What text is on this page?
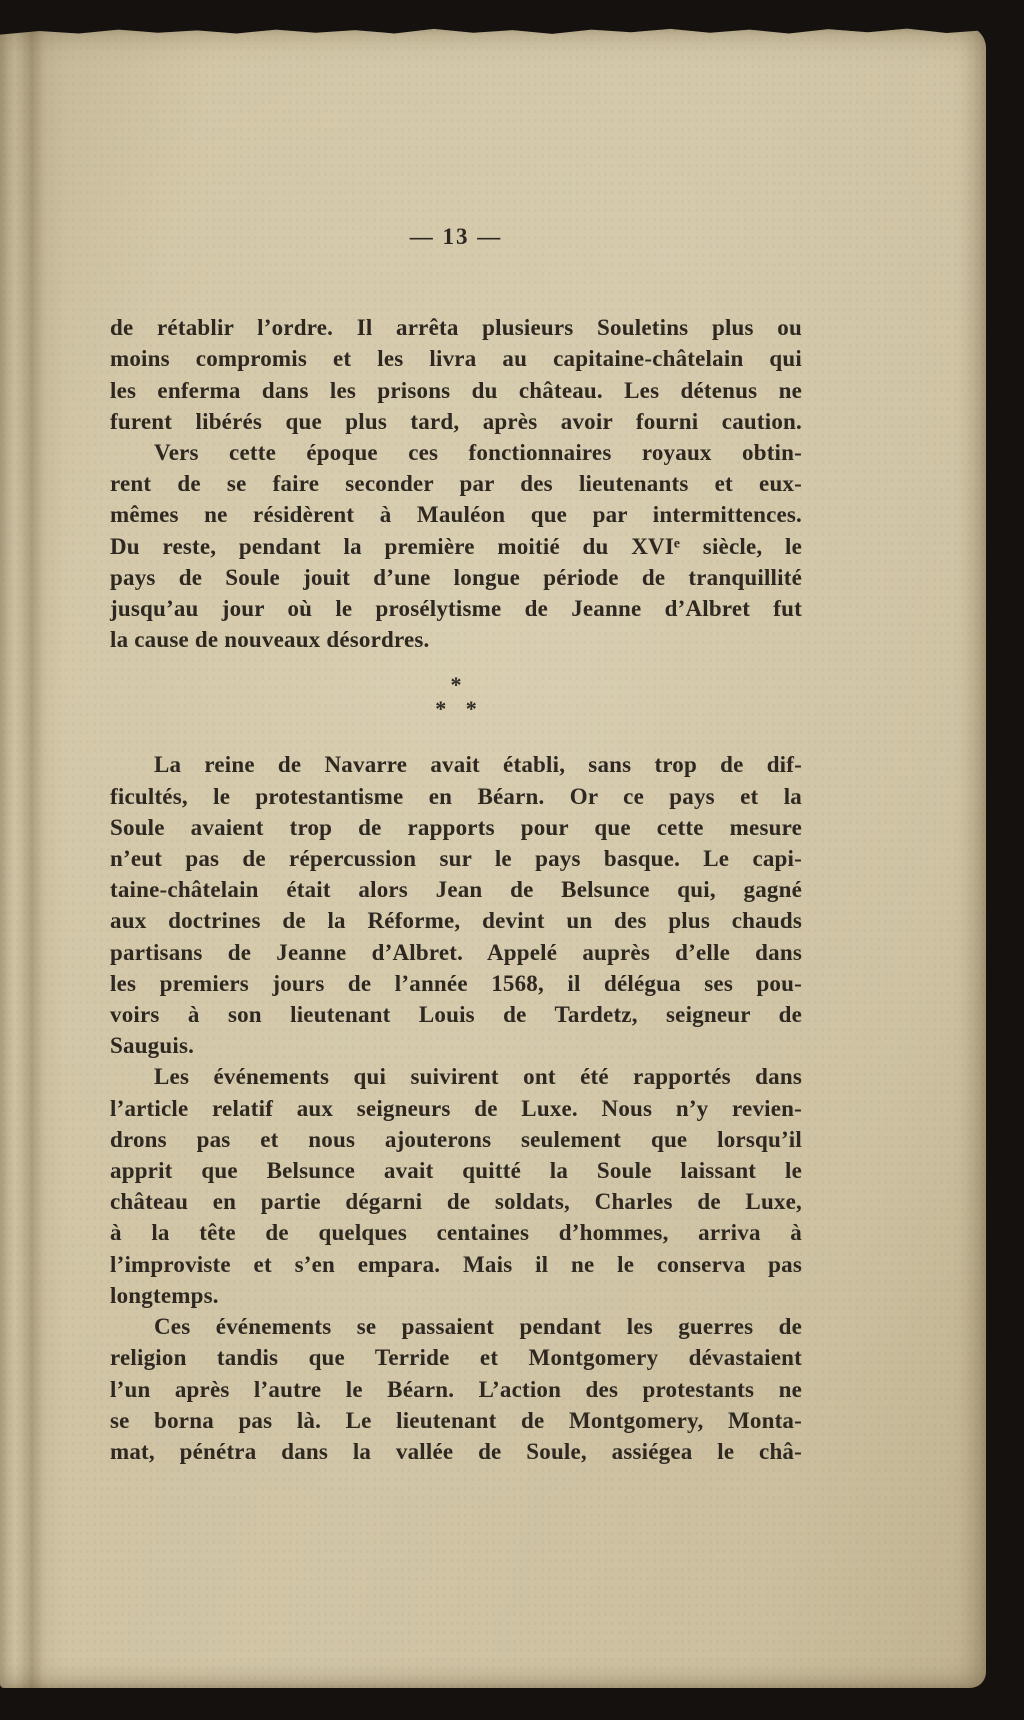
— 13 —
de rétablir l’ordre. Il arrêta plusieurs Souletins plus ou
moins compromis et les livra au capitaine-châtelain qui
les enferma dans les prisons du château. Les détenus ne
furent libérés que plus tard, après avoir fourni caution.
Vers cette époque ces fonctionnaires royaux obtin-
rent de se faire seconder par des lieutenants et eux-
mêmes ne résidèrent à Mauléon que par intermittences.
Du reste, pendant la première moitié du XVIᵉ siècle, le
pays de Soule jouit d’une longue période de tranquillité
jusqu’au jour où le prosélytisme de Jeanne d’Albret fut
la cause de nouveaux désordres.
*
* *
La reine de Navarre avait établi, sans trop de dif-
ficultés, le protestantisme en Béarn. Or ce pays et la
Soule avaient trop de rapports pour que cette mesure
n’eut pas de répercussion sur le pays basque. Le capi-
taine-châtelain était alors Jean de Belsunce qui, gagné
aux doctrines de la Réforme, devint un des plus chauds
partisans de Jeanne d’Albret. Appelé auprès d’elle dans
les premiers jours de l’année 1568, il délégua ses pou-
voirs à son lieutenant Louis de Tardetz, seigneur de
Sauguis.
Les événements qui suivirent ont été rapportés dans
l’article relatif aux seigneurs de Luxe. Nous n’y revien-
drons pas et nous ajouterons seulement que lorsqu’il
apprit que Belsunce avait quitté la Soule laissant le
château en partie dégarni de soldats, Charles de Luxe,
à la tête de quelques centaines d’hommes, arriva à
l’improviste et s’en empara. Mais il ne le conserva pas
longtemps.
Ces événements se passaient pendant les guerres de
religion tandis que Terride et Montgomery dévastaient
l’un après l’autre le Béarn. L’action des protestants ne
se borna pas là. Le lieutenant de Montgomery, Monta-
mat, pénétra dans la vallée de Soule, assiégea le châ-
